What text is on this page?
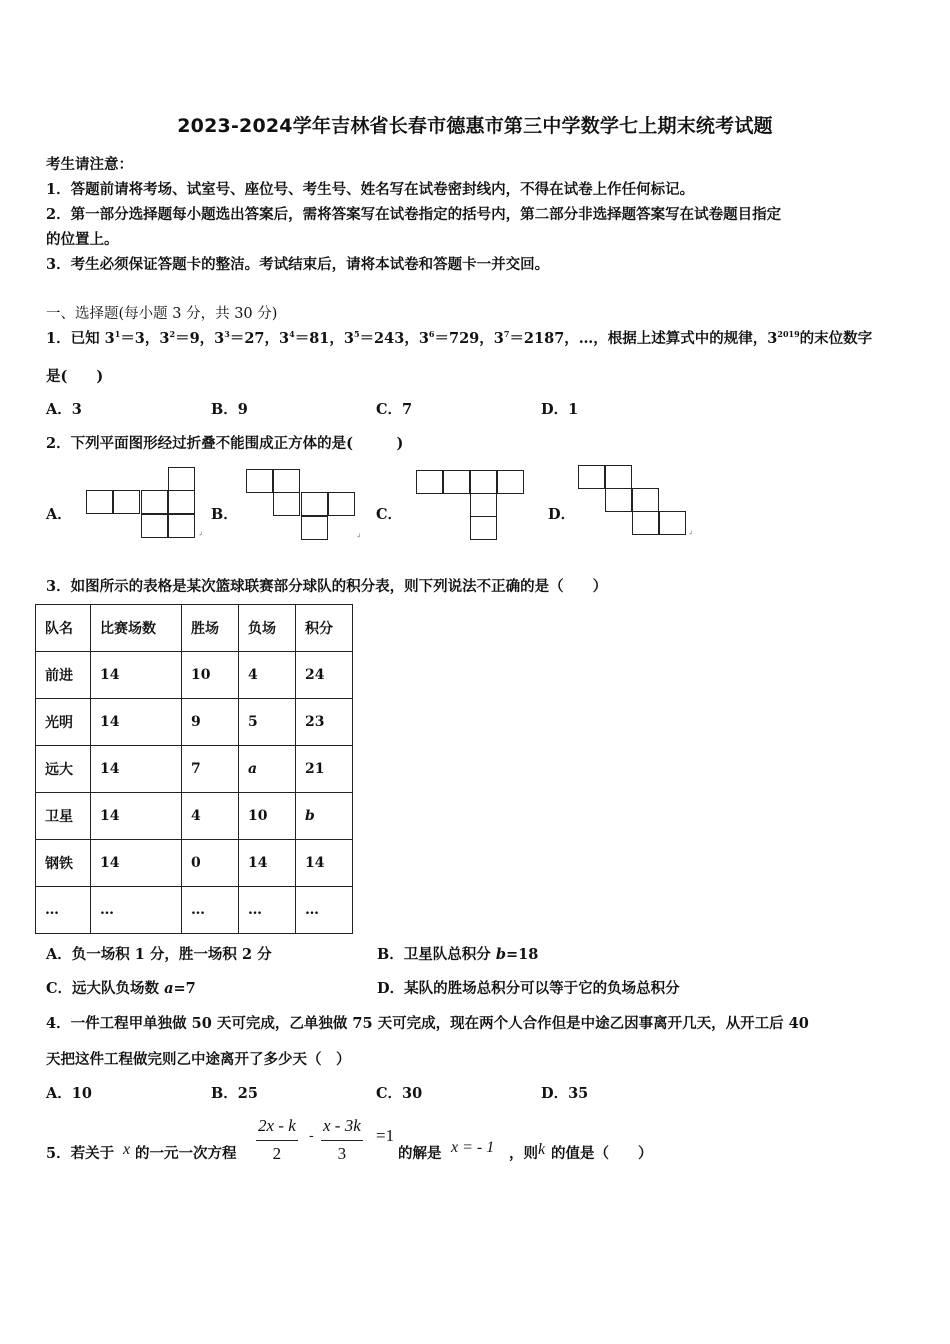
2023-2024学年吉林省长春市德惠市第三中学数学七上期末统考试题
考生请注意：
1．答题前请将考场、试室号、座位号、考生号、姓名写在试卷密封线内，不得在试卷上作任何标记。
2．第一部分选择题每小题选出答案后，需将答案写在试卷指定的括号内，第二部分非选择题答案写在试卷题目指定
的位置上。
3．考生必须保证答题卡的整洁。考试结束后，请将本试卷和答题卡一并交回。
一、选择题(每小题 3 分，共 30 分)
1．已知 $3^1=3$，$3^2=9$，$3^3=27$，$3^4=81$，$3^5=243$，$3^6=729$，$3^7=2187$，…，根据上述算式中的规律，$3^{2019}$的末位数字
是(　　)
A．3	B．9	C．7	D．1
2．下列平面图形经过折叠不能围成正方体的是(　　　)
A．	B．	C．	D．
↲	↲	↲
3．如图所示的表格是某次篮球联赛部分球队的积分表，则下列说法不正确的是（　　）
队名	比赛场数	胜场	负场	积分
前进	14	10	4	24
光明	14	9	5	23
远大	14	7	a	21
卫星	14	4	10	b
钢铁	14	0	14	14
…	…	…	…	…
A．负一场积 1 分，胜一场积 2 分	B．卫星队总积分 b=18
C．远大队负场数 a=7	D．某队的胜场总积分可以等于它的负场总积分
4．一件工程甲单独做 50 天可完成，乙单独做 75 天可完成，现在两个人合作但是中途乙因事离开几天，从开工后 40
天把这件工程做完则乙中途离开了多少天（　）
A．10	B．25	C．30	D．35
5．若关于 x 的一元一次方程 $\frac{2x - k}{2} - \frac{x - 3k}{3} =1$
的解是 x = - 1 ，则 k 的值是（　　）
